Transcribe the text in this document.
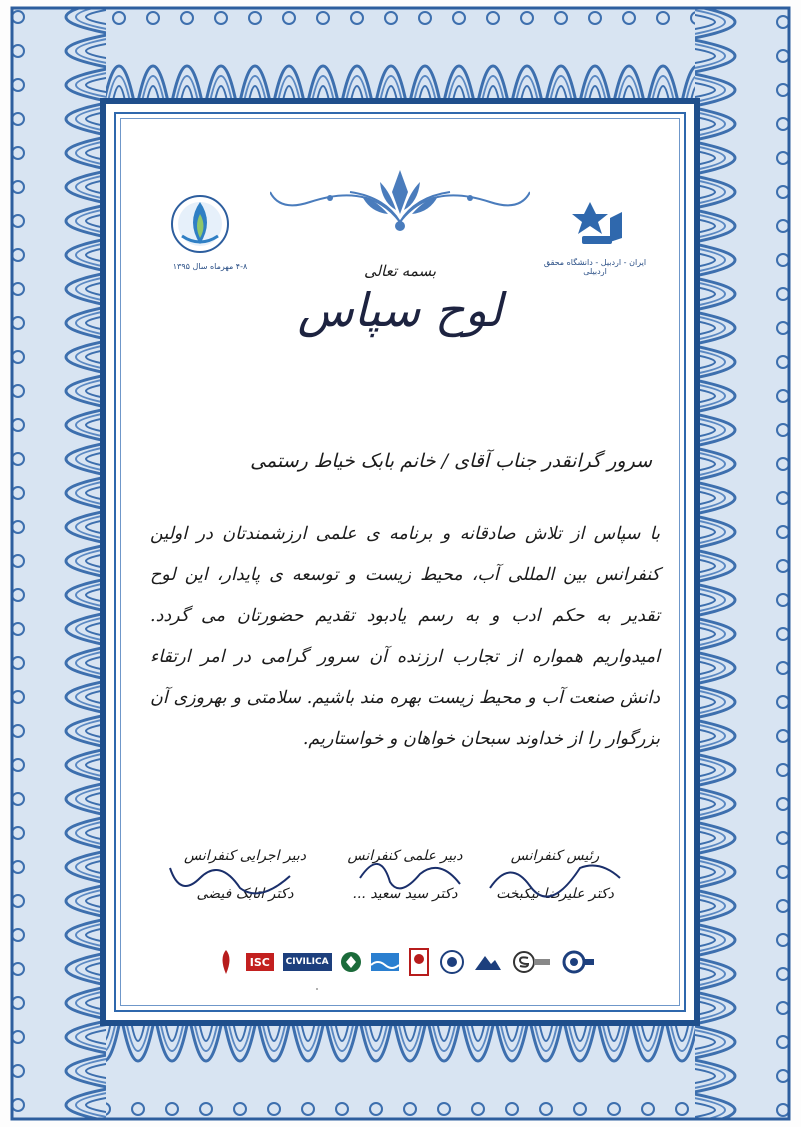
۴-۸ مهرماه سال ۱۳۹۵	ایران - اردبیل - دانشگاه محقق اردبیلی
بسمه تعالی
لوح سپاس
سرور گرانقدر جناب آقای / خانم بابک خیاط رستمی
با سپاس از تلاش صادقانه و برنامه ی علمی ارزشمندتان در اولین کنفرانس بین المللی آب، محیط زیست و توسعه ی پایدار، این لوح تقدیر به حکم ادب و به رسم یادبود تقدیم حضورتان می گردد. امیدواریم همواره از تجارب ارزنده آن سرور گرامی در امر ارتقاء دانش صنعت آب و محیط زیست بهره مند باشیم. سلامتی و بهروزی آن بزرگوار را از خداوند سبحان خواهان و خواستاریم.
رئیس کنفرانس
دکتر علیرضا نیکبخت
دبیر علمی کنفرانس
دکتر سید سعید ...
دبیر اجرایی کنفرانس
دکتر اتابک فیضی
ISC	CIVILICA
